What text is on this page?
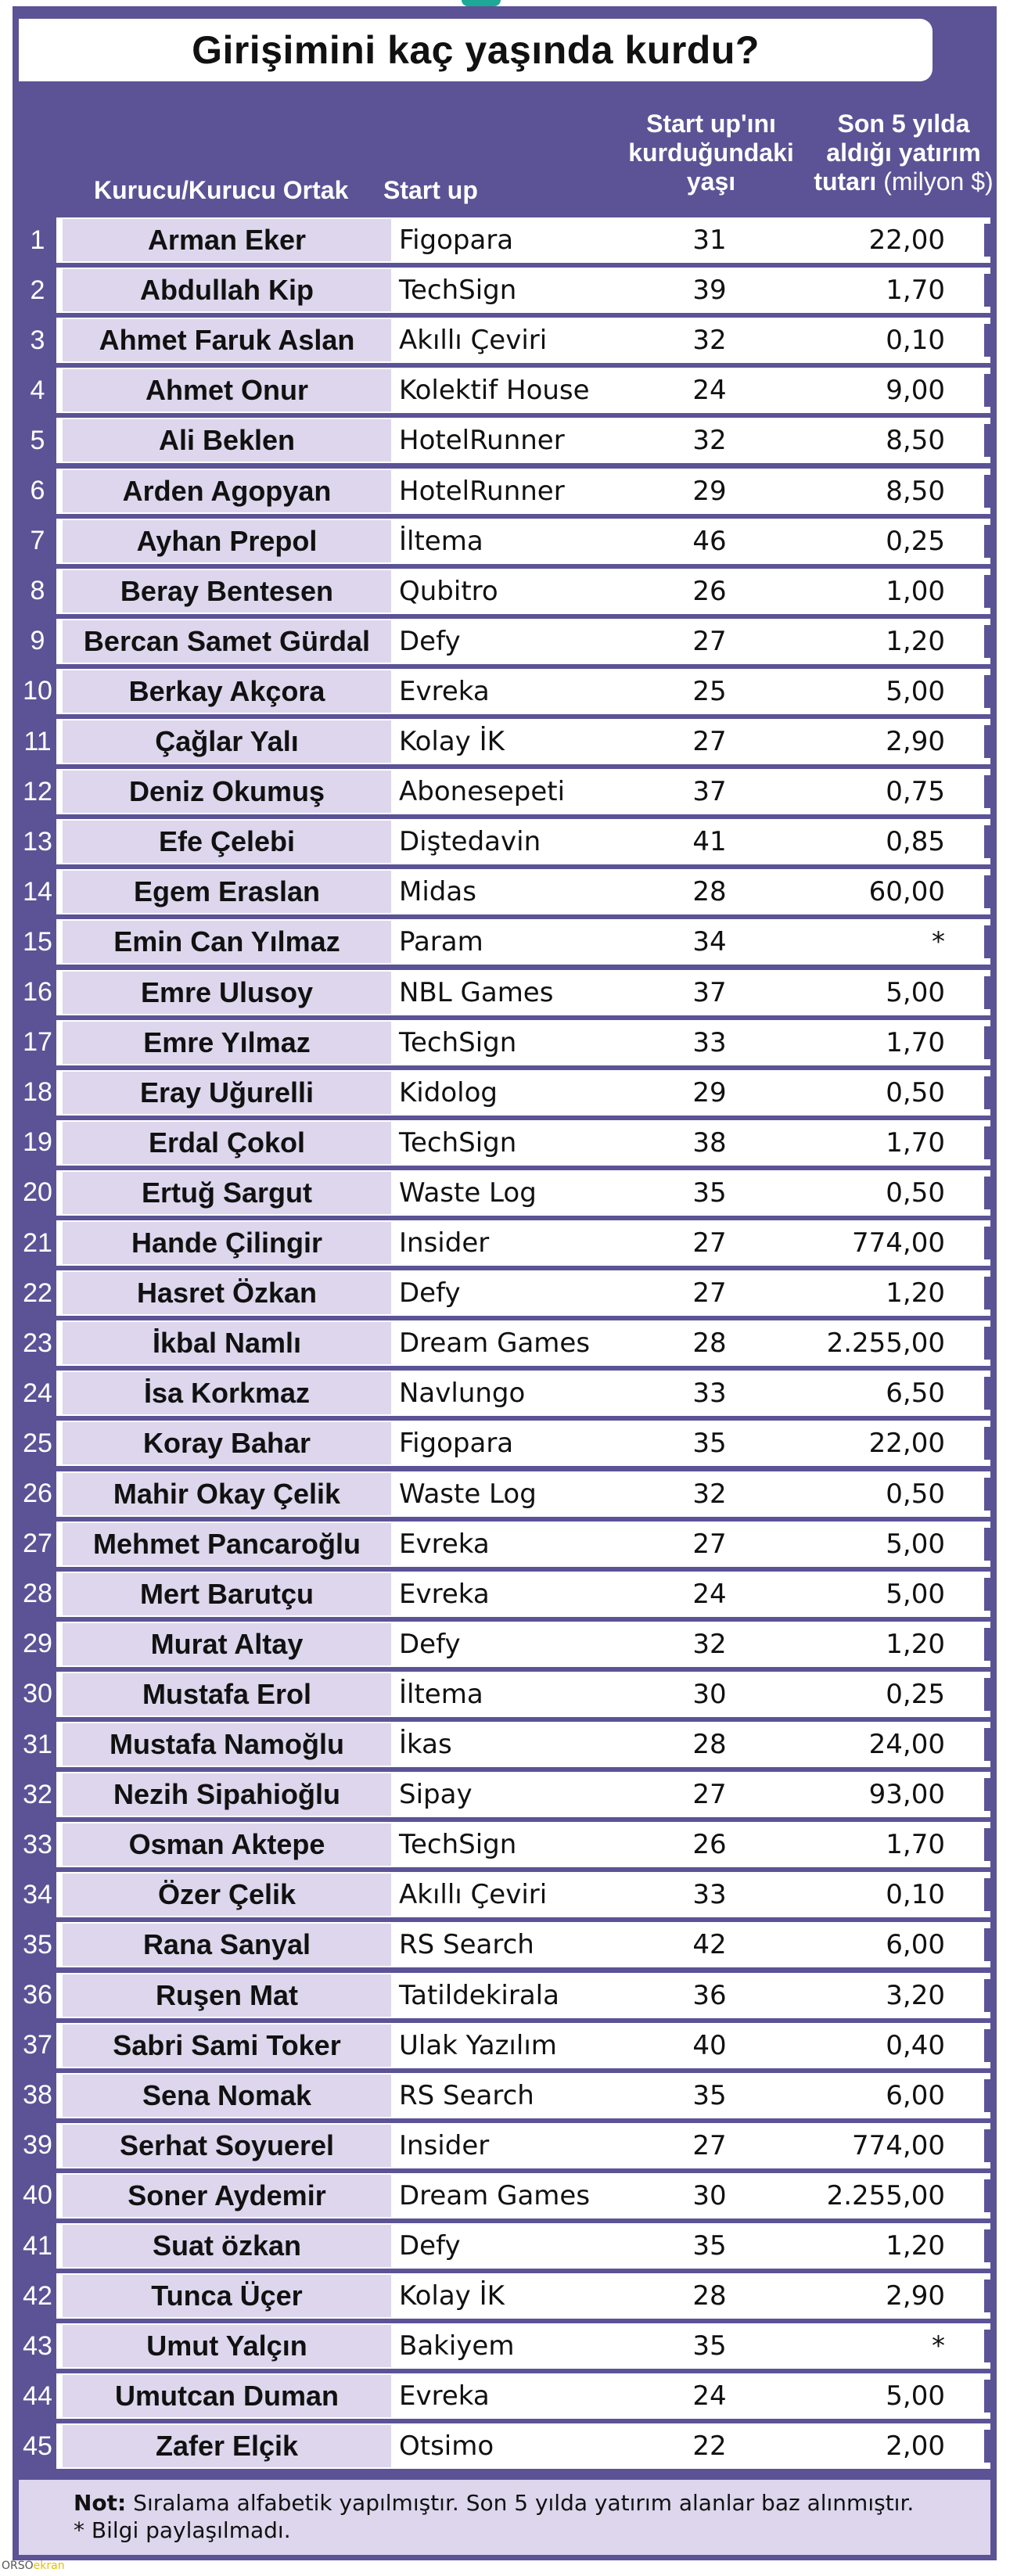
Girişimini kaç yaşında kurdu?
Kurucu/Kurucu Ortak Start up
Start up'ını
kurduğundaki
yaşı
Son 5 yılda
aldığı yatırım
tutarı (milyon $)
1	Arman Eker	Figopara	31	22,00
2	Abdullah Kip	TechSign	39	1,70
3	Ahmet Faruk Aslan	Akıllı Çeviri	32	0,10
4	Ahmet Onur	Kolektif House	24	9,00
5	Ali Beklen	HotelRunner	32	8,50
6	Arden Agopyan	HotelRunner	29	8,50
7	Ayhan Prepol	İltema	46	0,25
8	Beray Bentesen	Qubitro	26	1,00
9	Bercan Samet Gürdal	Defy	27	1,20
10	Berkay Akçora	Evreka	25	5,00
11	Çağlar Yalı	Kolay İK	27	2,90
12	Deniz Okumuş	Abonesepeti	37	0,75
13	Efe Çelebi	Diştedavin	41	0,85
14	Egem Eraslan	Midas	28	60,00
15	Emin Can Yılmaz	Param	34	*
16	Emre Ulusoy	NBL Games	37	5,00
17	Emre Yılmaz	TechSign	33	1,70
18	Eray Uğurelli	Kidolog	29	0,50
19	Erdal Çokol	TechSign	38	1,70
20	Ertuğ Sargut	Waste Log	35	0,50
21	Hande Çilingir	Insider	27	774,00
22	Hasret Özkan	Defy	27	1,20
23	İkbal Namlı	Dream Games	28	2.255,00
24	İsa Korkmaz	Navlungo	33	6,50
25	Koray Bahar	Figopara	35	22,00
26	Mahir Okay Çelik	Waste Log	32	0,50
27	Mehmet Pancaroğlu	Evreka	27	5,00
28	Mert Barutçu	Evreka	24	5,00
29	Murat Altay	Defy	32	1,20
30	Mustafa Erol	İltema	30	0,25
31	Mustafa Namoğlu	İkas	28	24,00
32	Nezih Sipahioğlu	Sipay	27	93,00
33	Osman Aktepe	TechSign	26	1,70
34	Özer Çelik	Akıllı Çeviri	33	0,10
35	Rana Sanyal	RS Search	42	6,00
36	Ruşen Mat	Tatildekirala	36	3,20
37	Sabri Sami Toker	Ulak Yazılım	40	0,40
38	Sena Nomak	RS Search	35	6,00
39	Serhat Soyuerel	Insider	27	774,00
40	Soner Aydemir	Dream Games	30	2.255,00
41	Suat özkan	Defy	35	1,20
42	Tunca Üçer	Kolay İK	28	2,90
43	Umut Yalçın	Bakiyem	35	*
44	Umutcan Duman	Evreka	24	5,00
45	Zafer Elçik	Otsimo	22	2,00
Not: Sıralama alfabetik yapılmıştır. Son 5 yılda yatırım alanlar baz alınmıştır.
* Bilgi paylaşılmadı.
ORSOekran
